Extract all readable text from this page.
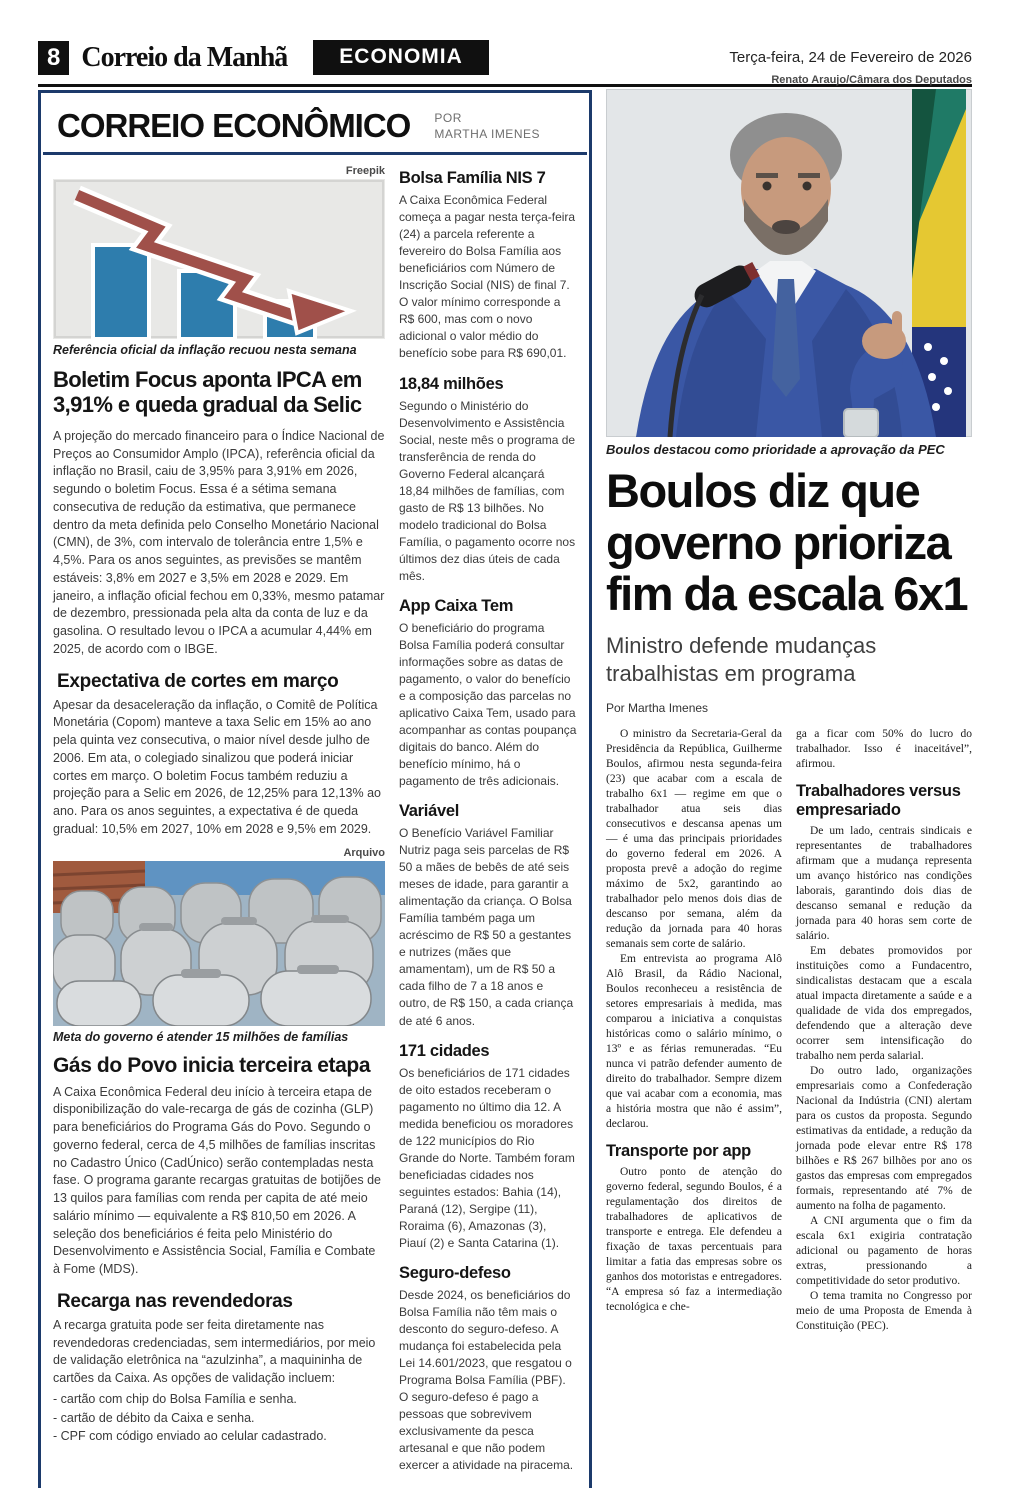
8 Correio da Manhã	ECONOMIA	Terça-feira, 24 de Fevereiro de 2026
CORREIO ECONÔMICO POR
MARTHA IMENES
Freepik
Referência oficial da inflação recuou nesta semana
Boletim Focus aponta IPCA em 3,91% e queda gradual da Selic

A projeção do mercado financeiro para o Índice Nacional de Preços ao Consumidor Amplo (IPCA), referência oficial da inflação no Brasil, caiu de 3,95% para 3,91% em 2026, segundo o boletim Focus. Essa é a sétima semana consecutiva de redução da estimativa, que permanece dentro da meta definida pelo Conselho Monetário Nacional (CMN), de 3%, com intervalo de tolerância entre 1,5% e 4,5%. Para os anos seguintes, as previsões se mantêm estáveis: 3,8% em 2027 e 3,5% em 2028 e 2029. Em janeiro, a inflação oficial fechou em 0,33%, mesmo patamar de dezembro, pressionada pela alta da conta de luz e da gasolina. O resultado levou o IPCA a acumular 4,44% em 2025, de acordo com o IBGE.

Expectativa de cortes em março

Apesar da desaceleração da inflação, o Comitê de Política Monetária (Copom) manteve a taxa Selic em 15% ao ano pela quinta vez consecutiva, o maior nível desde julho de 2006. Em ata, o colegiado sinalizou que poderá iniciar cortes em março. O boletim Focus também reduziu a projeção para a Selic em 2026, de 12,25% para 12,13% ao ano. Para os anos seguintes, a expectativa é de queda gradual: 10,5% em 2027, 10% em 2028 e 9,5% em 2029.

Arquivo
Meta do governo é atender 15 milhões de famílias
Gás do Povo inicia terceira etapa

A Caixa Econômica Federal deu início à terceira etapa de disponibilização do vale-recarga de gás de cozinha (GLP) para beneficiários do Programa Gás do Povo. Segundo o governo federal, cerca de 4,5 milhões de famílias inscritas no Cadastro Único (CadÚnico) serão contempladas nesta fase. O programa garante recargas gratuitas de botijões de 13 quilos para famílias com renda per capita de até meio salário mínimo — equivalente a R$ 810,50 em 2026. A seleção dos beneficiários é feita pelo Ministério do Desenvolvimento e Assistência Social, Família e Combate à Fome (MDS).

Recarga nas revendedoras

A recarga gratuita pode ser feita diretamente nas revendedoras credenciadas, sem intermediários, por meio de validação eletrônica na “azulzinha”, a maquininha de cartões da Caixa. As opções de validação incluem:

- cartão com chip do Bolsa Família e senha.
- cartão de débito da Caixa e senha.
- CPF com código enviado ao celular cadastrado.
Bolsa Família NIS 7

A Caixa Econômica Federal começa a pagar nesta terça-feira (24) a parcela referente a fevereiro do Bolsa Família aos beneficiários com Número de Inscrição Social (NIS) de final 7. O valor mínimo corresponde a R$ 600, mas com o novo adicional o valor médio do benefício sobe para R$ 690,01.

18,84 milhões

Segundo o Ministério do Desenvolvimento e Assistência Social, neste mês o programa de transferência de renda do Governo Federal alcançará 18,84 milhões de famílias, com gasto de R$ 13 bilhões. No modelo tradicional do Bolsa Família, o pagamento ocorre nos últimos dez dias úteis de cada mês.

App Caixa Tem

O beneficiário do programa Bolsa Família poderá consultar informações sobre as datas de pagamento, o valor do benefício e a composição das parcelas no aplicativo Caixa Tem, usado para acompanhar as contas poupança digitais do banco. Além do benefício mínimo, há o pagamento de três adicionais.

Variável

O Benefício Variável Familiar Nutriz paga seis parcelas de R$ 50 a mães de bebês de até seis meses de idade, para garantir a alimentação da criança. O Bolsa Família também paga um acréscimo de R$ 50 a gestantes e nutrizes (mães que amamentam), um de R$ 50 a cada filho de 7 a 18 anos e outro, de R$ 150, a cada criança de até 6 anos.

171 cidades

Os beneficiários de 171 cidades de oito estados receberam o pagamento no último dia 12. A medida beneficiou os moradores de 122 municípios do Rio Grande do Norte. Também foram beneficiadas cidades nos seguintes estados: Bahia (14), Paraná (12), Sergipe (11), Roraima (6), Amazonas (3), Piauí (2) e Santa Catarina (1).

Seguro-defeso

Desde 2024, os beneficiários do Bolsa Família não têm mais o desconto do seguro-defeso. A mudança foi estabelecida pela Lei 14.601/2023, que resgatou o Programa Bolsa Família (PBF). O seguro-defeso é pago a pessoas que sobrevivem exclusivamente da pesca artesanal e que não podem exercer a atividade na piracema.

Renato Araujo/Câmara dos Deputados
Boulos destacou como prioridade a aprovação da PEC
Boulos diz que governo prioriza fim da escala 6x1

Ministro defende mudanças trabalhistas em programa

Por Martha Imenes

O ministro da Secretaria-Geral da Presidência da República, Guilherme Boulos, afirmou nesta segunda-feira (23) que acabar com a escala de trabalho 6x1 — regime em que o trabalhador atua seis dias consecutivos e descansa apenas um — é uma das principais prioridades do governo federal em 2026. A proposta prevê a adoção do regime máximo de 5x2, garantindo ao trabalhador pelo menos dois dias de descanso por semana, além da redução da jornada para 40 horas semanais sem corte de salário.

Em entrevista ao programa Alô Alô Brasil, da Rádio Nacional, Boulos reconheceu a resistência de setores empresariais à medida, mas comparou a iniciativa a conquistas históricas como o salário mínimo, o 13º e as férias remuneradas. “Eu nunca vi patrão defender aumento de direito do trabalhador. Sempre dizem que vai acabar com a economia, mas a história mostra que não é assim”, declarou.

Transporte por app

Outro ponto de atenção do governo federal, segundo Boulos, é a regulamentação dos direitos de trabalhadores de aplicativos de transporte e entrega. Ele defendeu a fixação de taxas percentuais para limitar a fatia das empresas sobre os ganhos dos motoristas e entregadores. “A empresa só faz a intermediação tecnológica e che-

ga a ficar com 50% do lucro do trabalhador. Isso é inaceitável”, afirmou.

Trabalhadores versus empresariado

De um lado, centrais sindicais e representantes de trabalhadores afirmam que a mudança representa um avanço histórico nas condições laborais, garantindo dois dias de descanso semanal e redução da jornada para 40 horas sem corte de salário.

Em debates promovidos por instituições como a Fundacentro, sindicalistas destacam que a escala atual impacta diretamente a saúde e a qualidade de vida dos empregados, defendendo que a alteração deve ocorrer sem intensificação do trabalho nem perda salarial.

Do outro lado, organizações empresariais como a Confederação Nacional da Indústria (CNI) alertam para os custos da proposta. Segundo estimativas da entidade, a redução da jornada pode elevar entre R$ 178 bilhões e R$ 267 bilhões por ano os gastos das empresas com empregados formais, representando até 7% de aumento na folha de pagamento.

A CNI argumenta que o fim da escala 6x1 exigiria contratação adicional ou pagamento de horas extras, pressionando a competitividade do setor produtivo.

O tema tramita no Congresso por meio de uma Proposta de Emenda à Constituição (PEC).
